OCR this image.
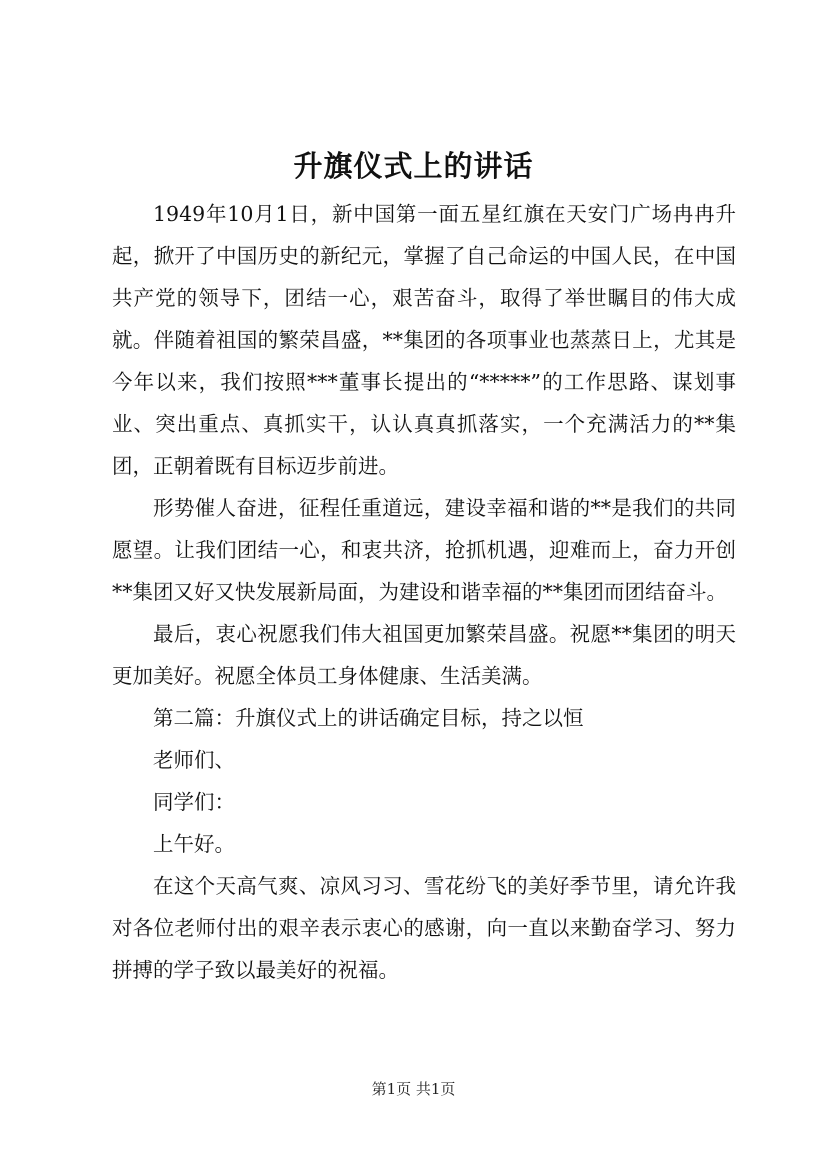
升旗仪式上的讲话

1949年10月1日，新中国第一面五星红旗在天安门广场冉冉升起，掀开了中国历史的新纪元，掌握了自己命运的中国人民，在中国共产党的领导下，团结一心，艰苦奋斗，取得了举世瞩目的伟大成就。伴随着祖国的繁荣昌盛，**集团的各项事业也蒸蒸日上，尤其是今年以来，我们按照***董事长提出的“*****”的工作思路、谋划事业、突出重点、真抓实干，认认真真抓落实，一个充满活力的**集团，正朝着既有目标迈步前进。

形势催人奋进，征程任重道远，建设幸福和谐的**是我们的共同愿望。让我们团结一心，和衷共济，抢抓机遇，迎难而上，奋力开创**集团又好又快发展新局面，为建设和谐幸福的**集团而团结奋斗。

最后，衷心祝愿我们伟大祖国更加繁荣昌盛。祝愿**集团的明天更加美好。祝愿全体员工身体健康、生活美满。

第二篇：升旗仪式上的讲话确定目标，持之以恒

老师们、

同学们：

上午好。

在这个天高气爽、凉风习习、雪花纷飞的美好季节里，请允许我对各位老师付出的艰辛表示衷心的感谢，向一直以来勤奋学习、努力拼搏的学子致以最美好的祝福。

第1页 共1页
